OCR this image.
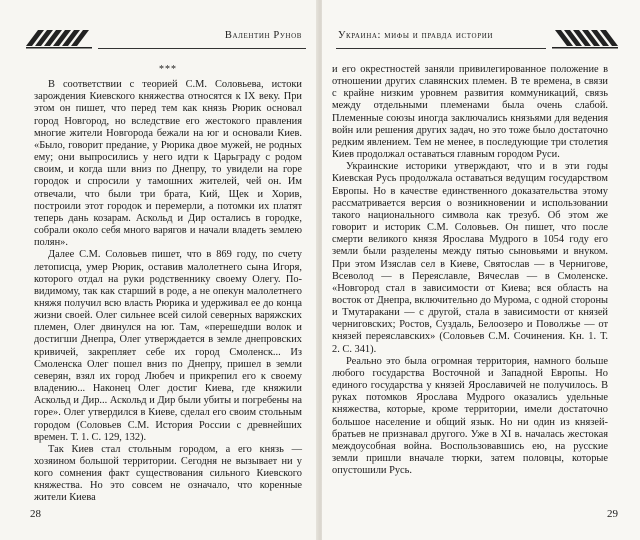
Валентин Рунов
***

В соответствии с теорией С.М. Соловьева, истоки зарождения Киевского княжества относятся к IX веку. При этом он пишет, что перед тем как князь Рюрик основал город Новгород, но вследствие его жестокого правления многие жители Новгорода бежали на юг и основали Киев. «Было, говорит предание, у Рюрика двое мужей, не родных ему; они выпросились у него идти к Царьграду с родом своим, и когда шли вниз по Днепру, то увидели на горе городок и спросили у тамошних жителей, чей он. Им отвечали, что были три брата, Кий, Щек и Хорив, построили этот городок и перемерли, а потомки их платят теперь дань козарам. Аскольд и Дир остались в городке, собрали около себя много варягов и начали владеть землею полян».

Далее С.М. Соловьев пишет, что в 869 году, по счету летописца, умер Рюрик, оставив малолетнего сына Игоря, которого отдал на руки родственнику своему Олегу. По-видимому, так как старший в роде, а не опекун малолетнего княжя получил всю власть Рюрика и удерживал ее до конца жизни своей. Олег сильнее всей силой северных варяжских племен, Олег двинулся на юг. Там, «перешедши волок и достигши Днепра, Олег утверждается в земле днепровских кривичей, закрепляет себе их город Смоленск... Из Смоленска Олег пошел вниз по Днепру, пришел в земли северян, взял их город Любеч и прикрепил его к своему владению... Наконец Олег достиг Киева, где княжили Аскольд и Дир... Аскольд и Дир были убиты и погребены на горе». Олег утвердился в Киеве, сделал его своим стольным городом (Соловьев С.М. История России с древнейших времен. Т. 1. С. 129, 132).

Так Киев стал стольным городом, а его князь — хозяином большой территории. Сегодня не вызывает ни у кого сомнения факт существования сильного Киевского княжества. Но это совсем не означало, что коренные жители Киева

28
Украина: мифы и правда истории

и его окрестностей заняли привилегированное положение в отношении других славянских племен. В те времена, в связи с крайне низким уровнем развития коммуникаций, связь между отдельными племенами была очень слабой. Племенные союзы иногда заключались князьями для ведения войн или решения других задач, но это тоже было достаточно редким явлением. Тем не менее, в последующие три столетия Киев продолжал оставаться главным городом Руси.

Украинские историки утверждают, что и в эти годы Киевская Русь продолжала оставаться ведущим государством Европы. Но в качестве единственного доказательства этому рассматривается версия о возникновении и использовании такого национального символа как трезуб. Об этом же говорит и историк С.М. Соловьев. Он пишет, что после смерти великого князя Ярослава Мудрого в 1054 году его земли были разделены между пятью сыновьями и внуком. При этом Изяслав сел в Киеве, Святослав — в Чернигове, Всеволод — в Переяславле, Вячеслав — в Смоленске. «Новгород стал в зависимости от Киева; вся область на восток от Днепра, включительно до Мурома, с одной стороны и Тмутаракани — с другой, стала в зависимости от князей черниговских; Ростов, Суздаль, Белоозеро и Поволжье — от князей переяславских» (Соловьев С.М. Сочинения. Кн. 1. Т. 2. С. 341).

Реально это была огромная территория, намного больше любого государства Восточной и Западной Европы. Но единого государства у князей Ярославичей не получилось. В руках потомков Ярослава Мудрого оказались удельные княжества, которые, кроме территории, имели достаточно большое население и общий язык. Но ни один из князей-братьев не признавал другого. Уже в XI в. началась жестокая междоусобная война. Воспользовавшись ею, на русские земли пришли вначале тюрки, затем половцы, которые опустошили Русь.

29
